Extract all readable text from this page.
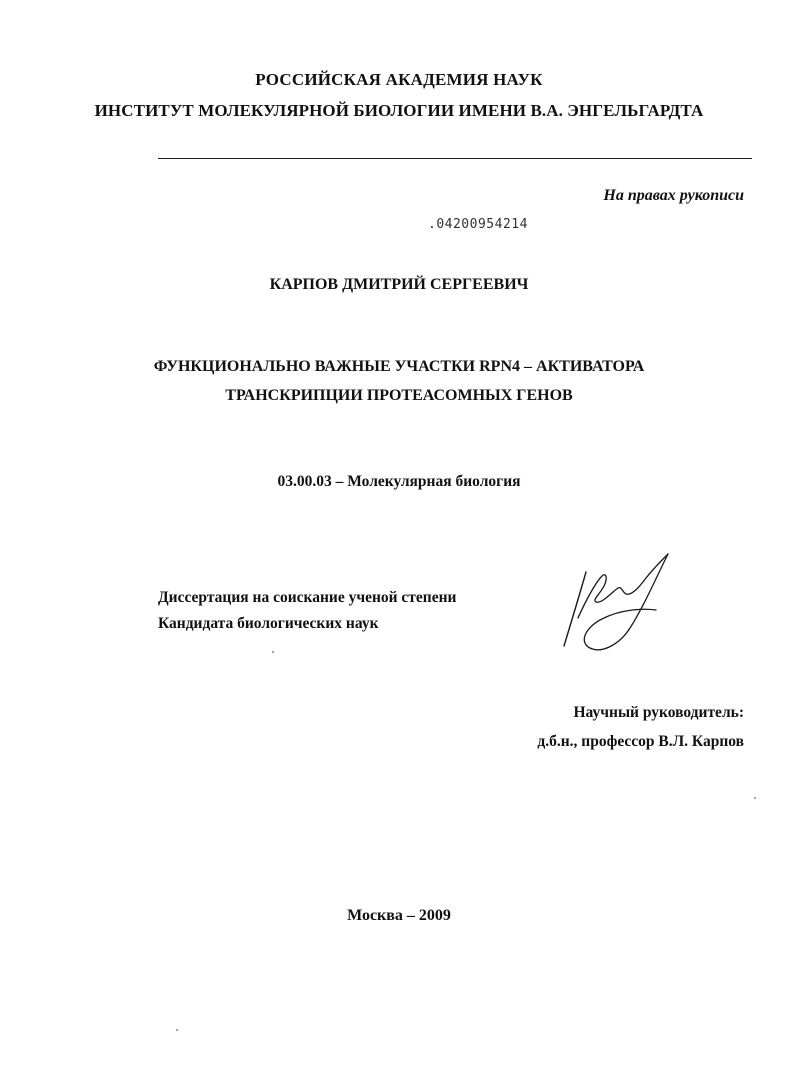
РОССИЙСКАЯ АКАДЕМИЯ НАУК
ИНСТИТУТ МОЛЕКУЛЯРНОЙ БИОЛОГИИ ИМЕНИ В.А. ЭНГЕЛЬГАРДТА
На правах рукописи
.04200954214
КАРПОВ ДМИТРИЙ СЕРГЕЕВИЧ
ФУНКЦИОНАЛЬНО ВАЖНЫЕ УЧАСТКИ RPN4 – АКТИВАТОРА
ТРАНСКРИПЦИИ ПРОТЕАСОМНЫХ ГЕНОВ
03.00.03 – Молекулярная биология
Диссертация на соискание ученой степени
Кандидата биологических наук
Научный руководитель:
д.б.н., профессор В.Л. Карпов
Москва – 2009
